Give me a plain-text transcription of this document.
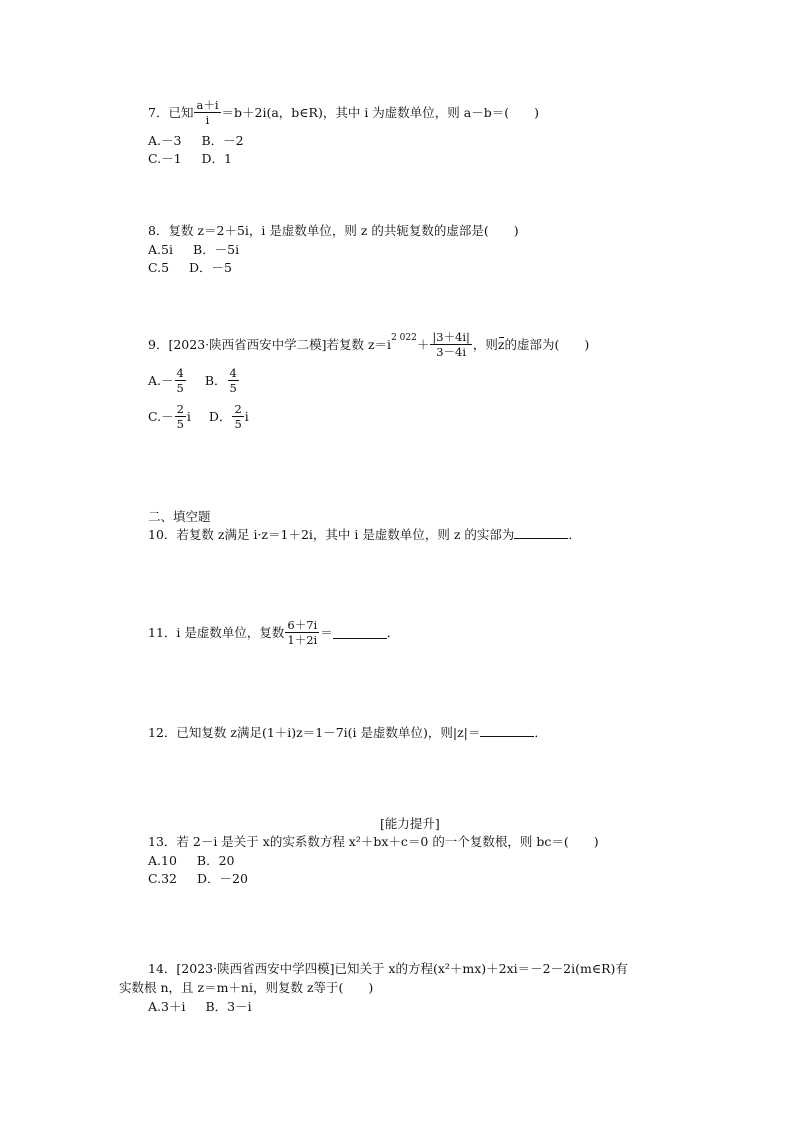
7． 已知 $\frac{a+i}{i} =b+2i(a$，b∈R)，其中 i 为虚数单位，则 a－b＝(　　)
A.－3 B．－2
C.－1 D．1
8．复数 z＝2＋5i，i 是虚数单位，则 z 的共轭复数的虚部是(　　)
A.5i B．－5i
C.5 D．－5
9．[2023·陕西省西安中学二模]若复数 $z=i^{2 022} + \frac{|3+4i|}{3-4i}$ ，则 z 的虚部为(　　)
$A.- \frac{4}{5}$ B． $\frac{4}{5}$
$C.- \frac{2}{5}$ i D． $\frac{2}{5}$ i
二、填空题
10．若复数 z满足 i·z＝1＋2i，其中 i 是虚数单位，则 z 的实部为	．
11．i 是虚数单位，复数 $\frac{6+7i}{1+2i}$ ＝	．
12．已知复数 z满足(1＋i)z＝1－7i(i 是虚数单位)，则|z|＝	．
[能力提升]
13．若 2－i 是关于 x的实系数方程 x²＋bx＋c＝0 的一个复数根，则 bc＝(　　)
A.10 B．20
C.32 D．－20
14．[2023·陕西省西安中学四模]已知关于 x的方程(x²＋mx)＋2xi＝－2－2i(m∈R)有
实数根 n，且 z＝m＋ni，则复数 z等于(　　)
A.3＋i B．3－i
